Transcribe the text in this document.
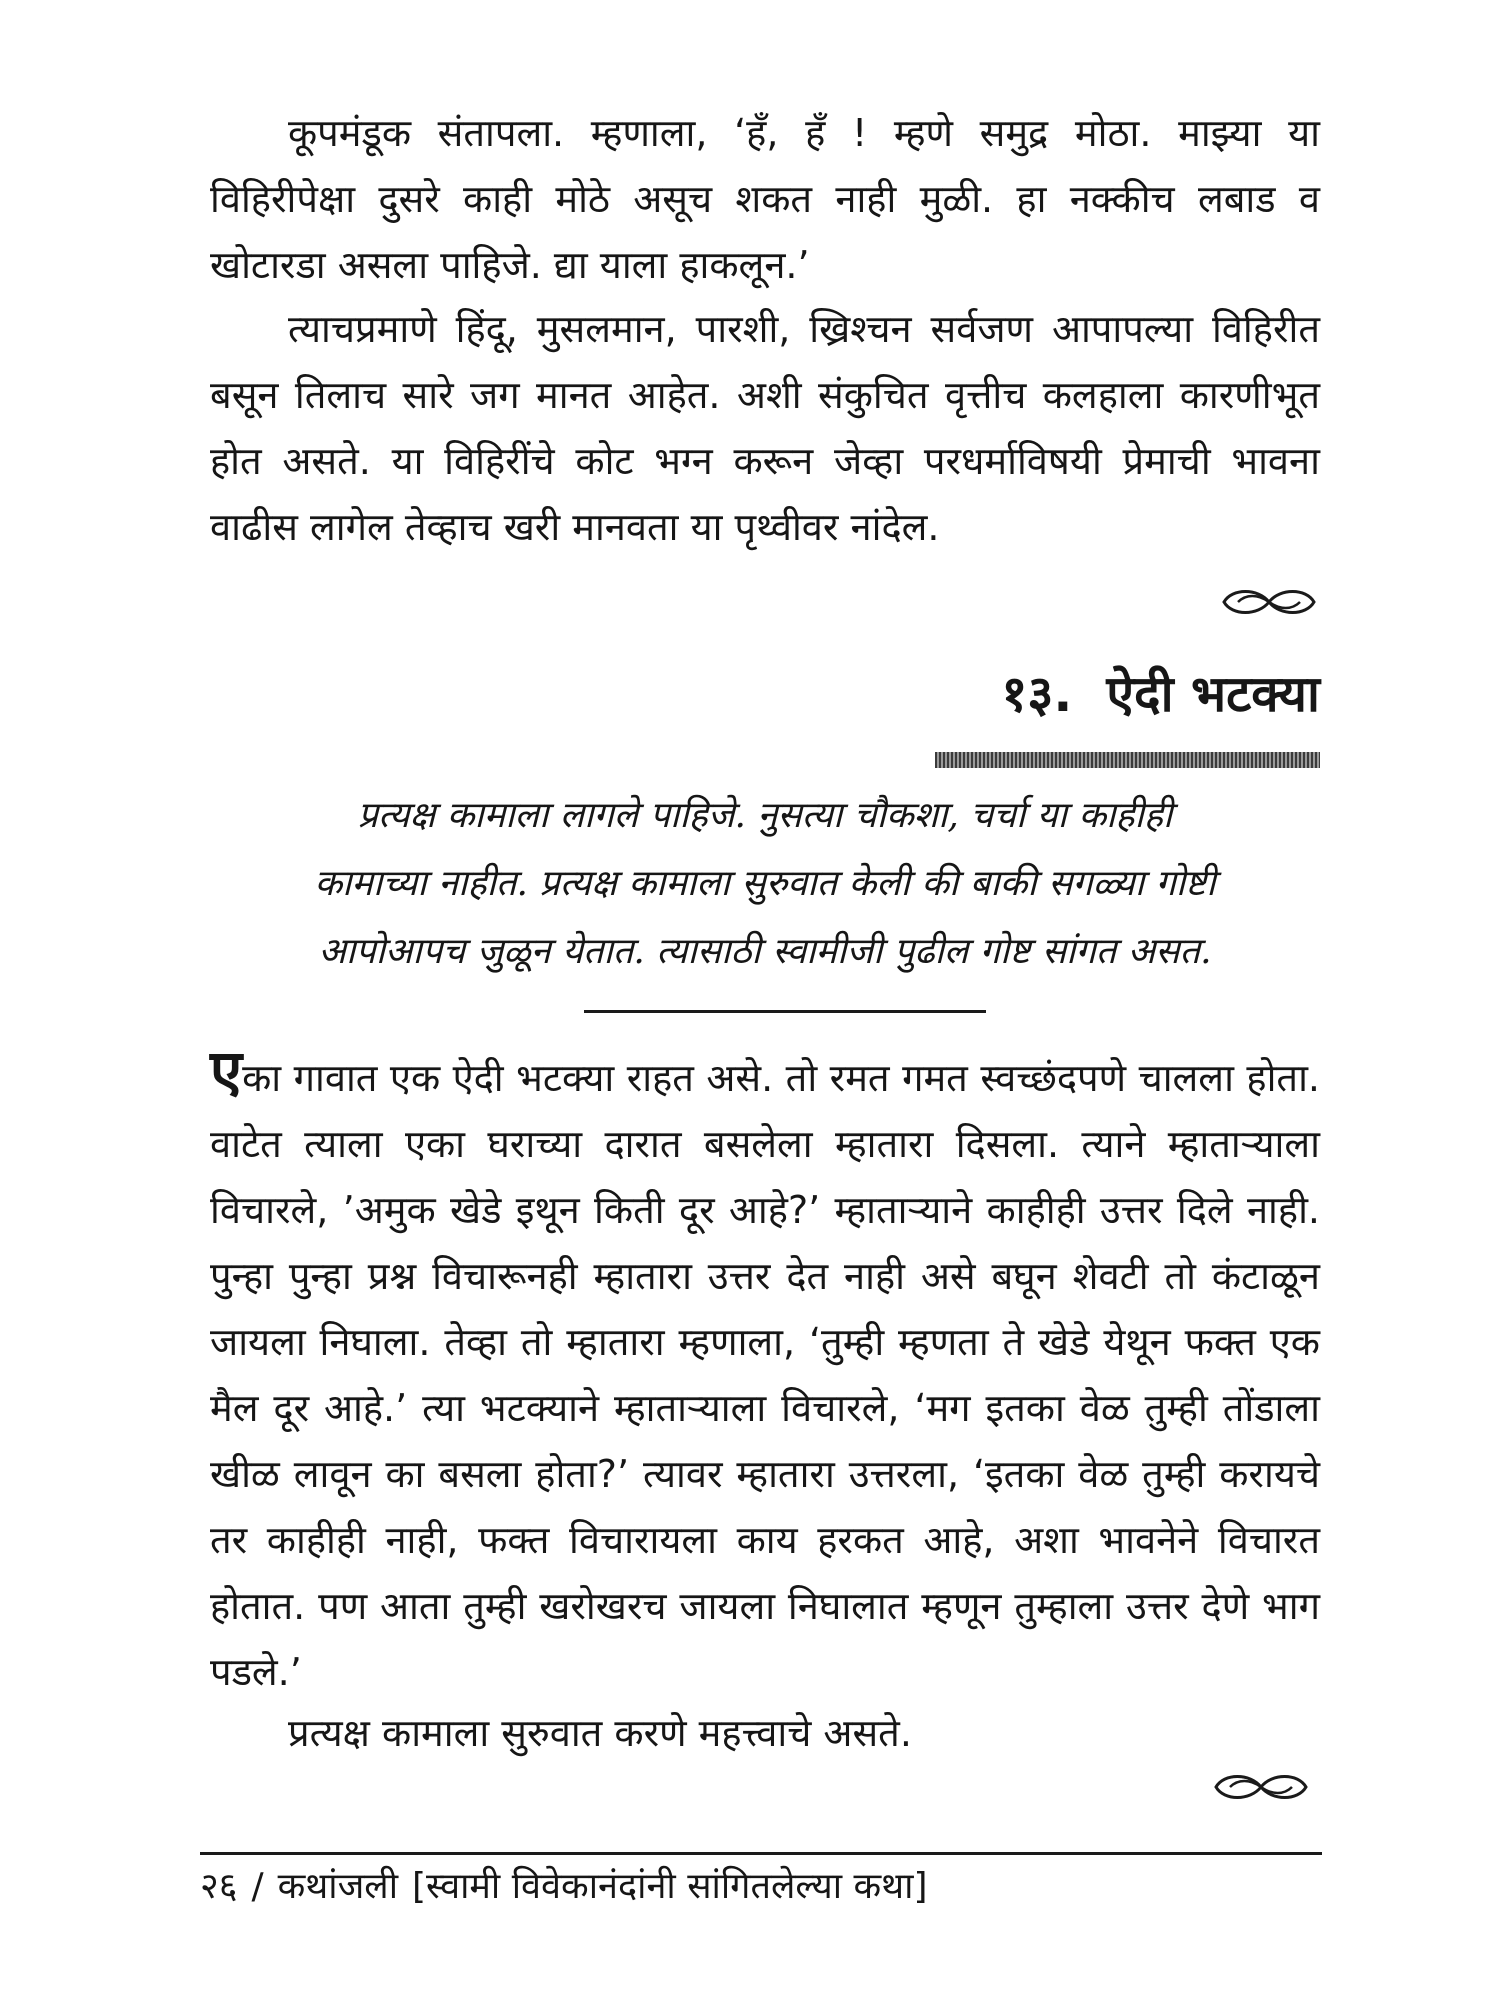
कूपमंडूक संतापला. म्हणाला, ‘हँ, हँ ! म्हणे समुद्र मोठा. माझ्या या विहिरीपेक्षा दुसरे काही मोठे असूच शकत नाही मुळी. हा नक्कीच लबाड व खोटारडा असला पाहिजे. द्या याला हाकलून.’

त्याचप्रमाणे हिंदू, मुसलमान, पारशी, ख्रिश्चन सर्वजण आपापल्या विहिरीत बसून तिलाच सारे जग मानत आहेत. अशी संकुचित वृत्तीच कलहाला कारणीभूत होत असते. या विहिरींचे कोट भग्न करून जेव्हा परधर्माविषयी प्रेमाची भावना वाढीस लागेल तेव्हाच खरी मानवता या पृथ्वीवर नांदेल.

१३. ऐदी भटक्या

प्रत्यक्ष कामाला लागले पाहिजे. नुसत्या चौकशा, चर्चा या काहीही
कामाच्या नाहीत. प्रत्यक्ष कामाला सुरुवात केली की बाकी सगळ्या गोष्टी
आपोआपच जुळून येतात. त्यासाठी स्वामीजी पुढील गोष्ट सांगत असत.

एका गावात एक ऐदी भटक्या राहत असे. तो रमत गमत स्वच्छंदपणे चालला होता. वाटेत त्याला एका घराच्या दारात बसलेला म्हातारा दिसला. त्याने म्हाताऱ्याला विचारले, ’अमुक खेडे इथून किती दूर आहे?’ म्हाताऱ्याने काहीही उत्तर दिले नाही. पुन्हा पुन्हा प्रश्न विचारूनही म्हातारा उत्तर देत नाही असे बघून शेवटी तो कंटाळून जायला निघाला. तेव्हा तो म्हातारा म्हणाला, ‘तुम्ही म्हणता ते खेडे येथून फक्त एक मैल दूर आहे.’ त्या भटक्याने म्हाताऱ्याला विचारले, ‘मग इतका वेळ तुम्ही तोंडाला खीळ लावून का बसला होता?’ त्यावर म्हातारा उत्तरला, ‘इतका वेळ तुम्ही करायचे तर काहीही नाही, फक्त विचारायला काय हरकत आहे, अशा भावनेने विचारत होतात. पण आता तुम्ही खरोखरच जायला निघालात म्हणून तुम्हाला उत्तर देणे भाग पडले.’

प्रत्यक्ष कामाला सुरुवात करणे महत्त्वाचे असते.

२६ / कथांजली [स्वामी विवेकानंदांनी सांगितलेल्या कथा]
